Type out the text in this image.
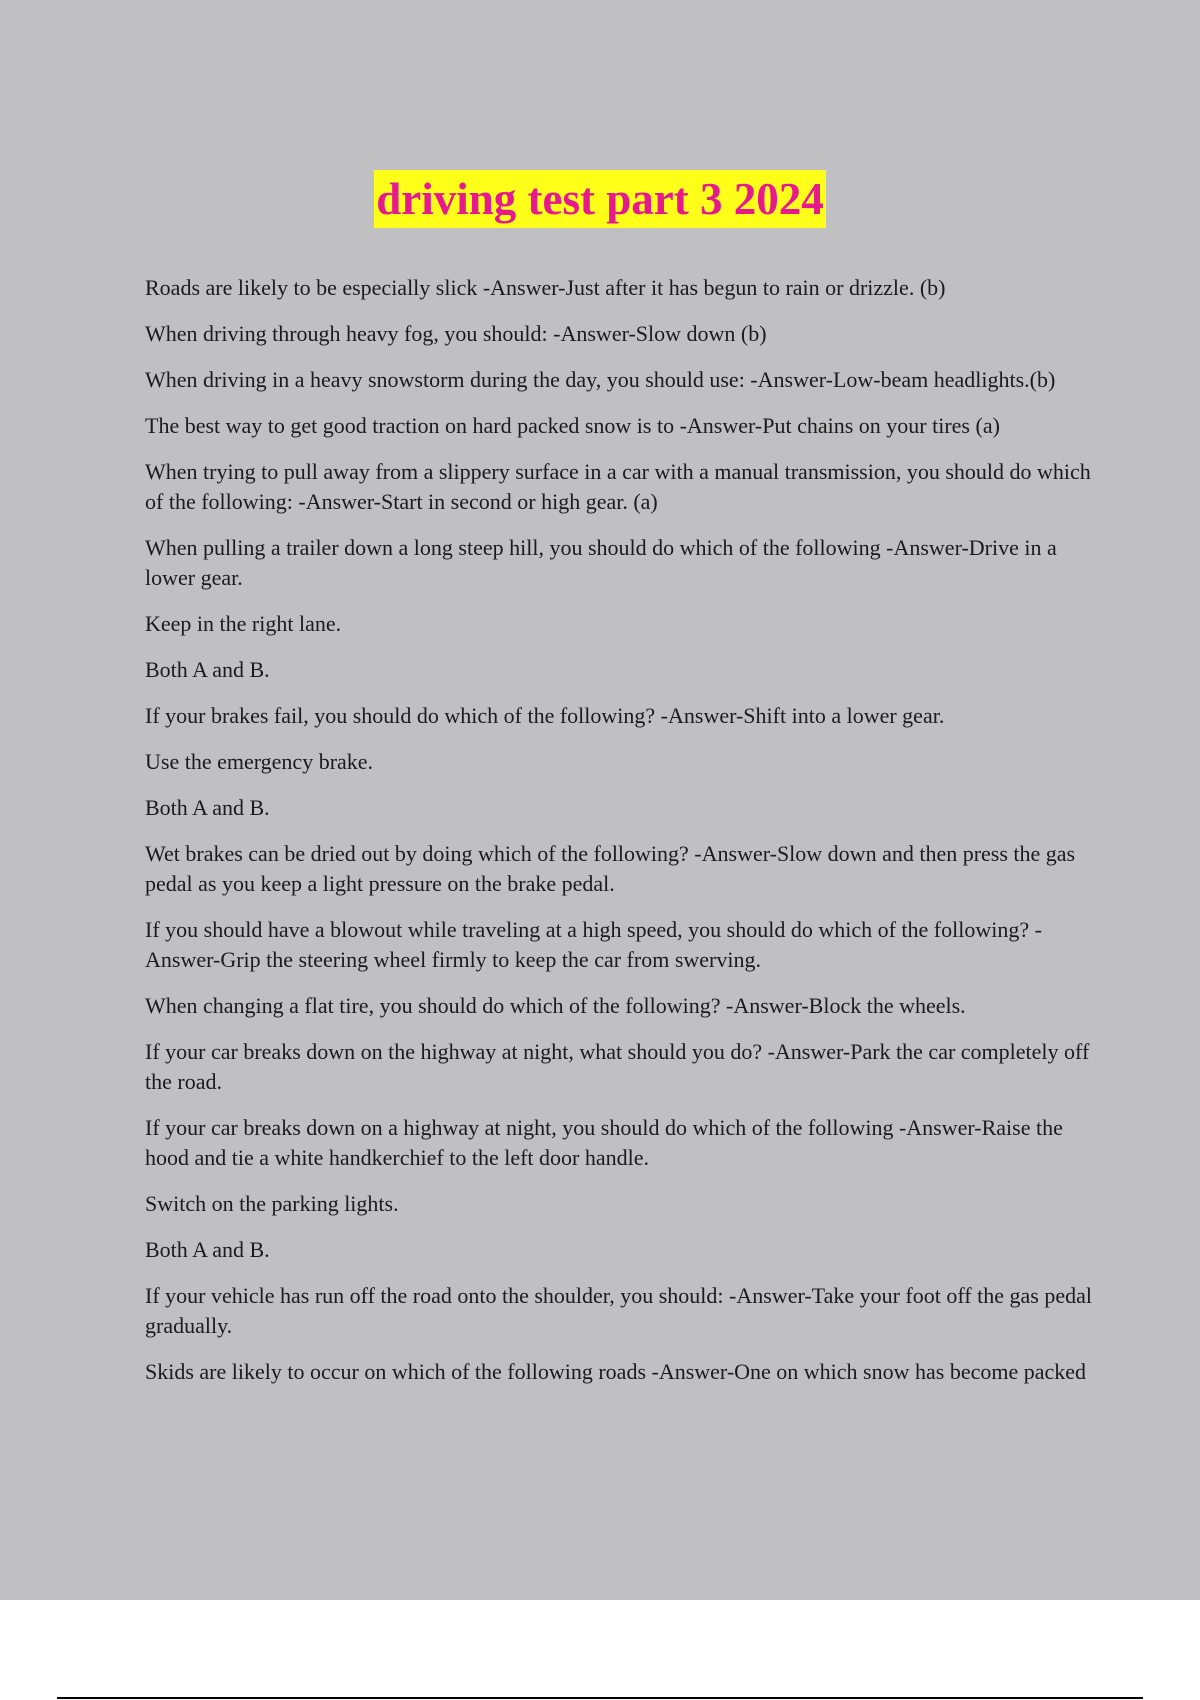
driving test part 3 2024

Roads are likely to be especially slick -Answer-Just after it has begun to rain or drizzle. (b)

When driving through heavy fog, you should: -Answer-Slow down (b)

When driving in a heavy snowstorm during the day, you should use: -Answer-Low-beam headlights.(b)

The best way to get good traction on hard packed snow is to -Answer-Put chains on your tires (a)

When trying to pull away from a slippery surface in a car with a manual transmission, you should do which of the following: -Answer-Start in second or high gear. (a)

When pulling a trailer down a long steep hill, you should do which of the following -Answer-Drive in a lower gear.

Keep in the right lane.

Both A and B.

If your brakes fail, you should do which of the following? -Answer-Shift into a lower gear.

Use the emergency brake.

Both A and B.

Wet brakes can be dried out by doing which of the following? -Answer-Slow down and then press the gas pedal as you keep a light pressure on the brake pedal.

If you should have a blowout while traveling at a high speed, you should do which of the following? -Answer-Grip the steering wheel firmly to keep the car from swerving.

When changing a flat tire, you should do which of the following? -Answer-Block the wheels.

If your car breaks down on the highway at night, what should you do? -Answer-Park the car completely off the road.

If your car breaks down on a highway at night, you should do which of the following -Answer-Raise the hood and tie a white handkerchief to the left door handle.

Switch on the parking lights.

Both A and B.

If your vehicle has run off the road onto the shoulder, you should: -Answer-Take your foot off the gas pedal gradually.

Skids are likely to occur on which of the following roads -Answer-One on which snow has become packed
